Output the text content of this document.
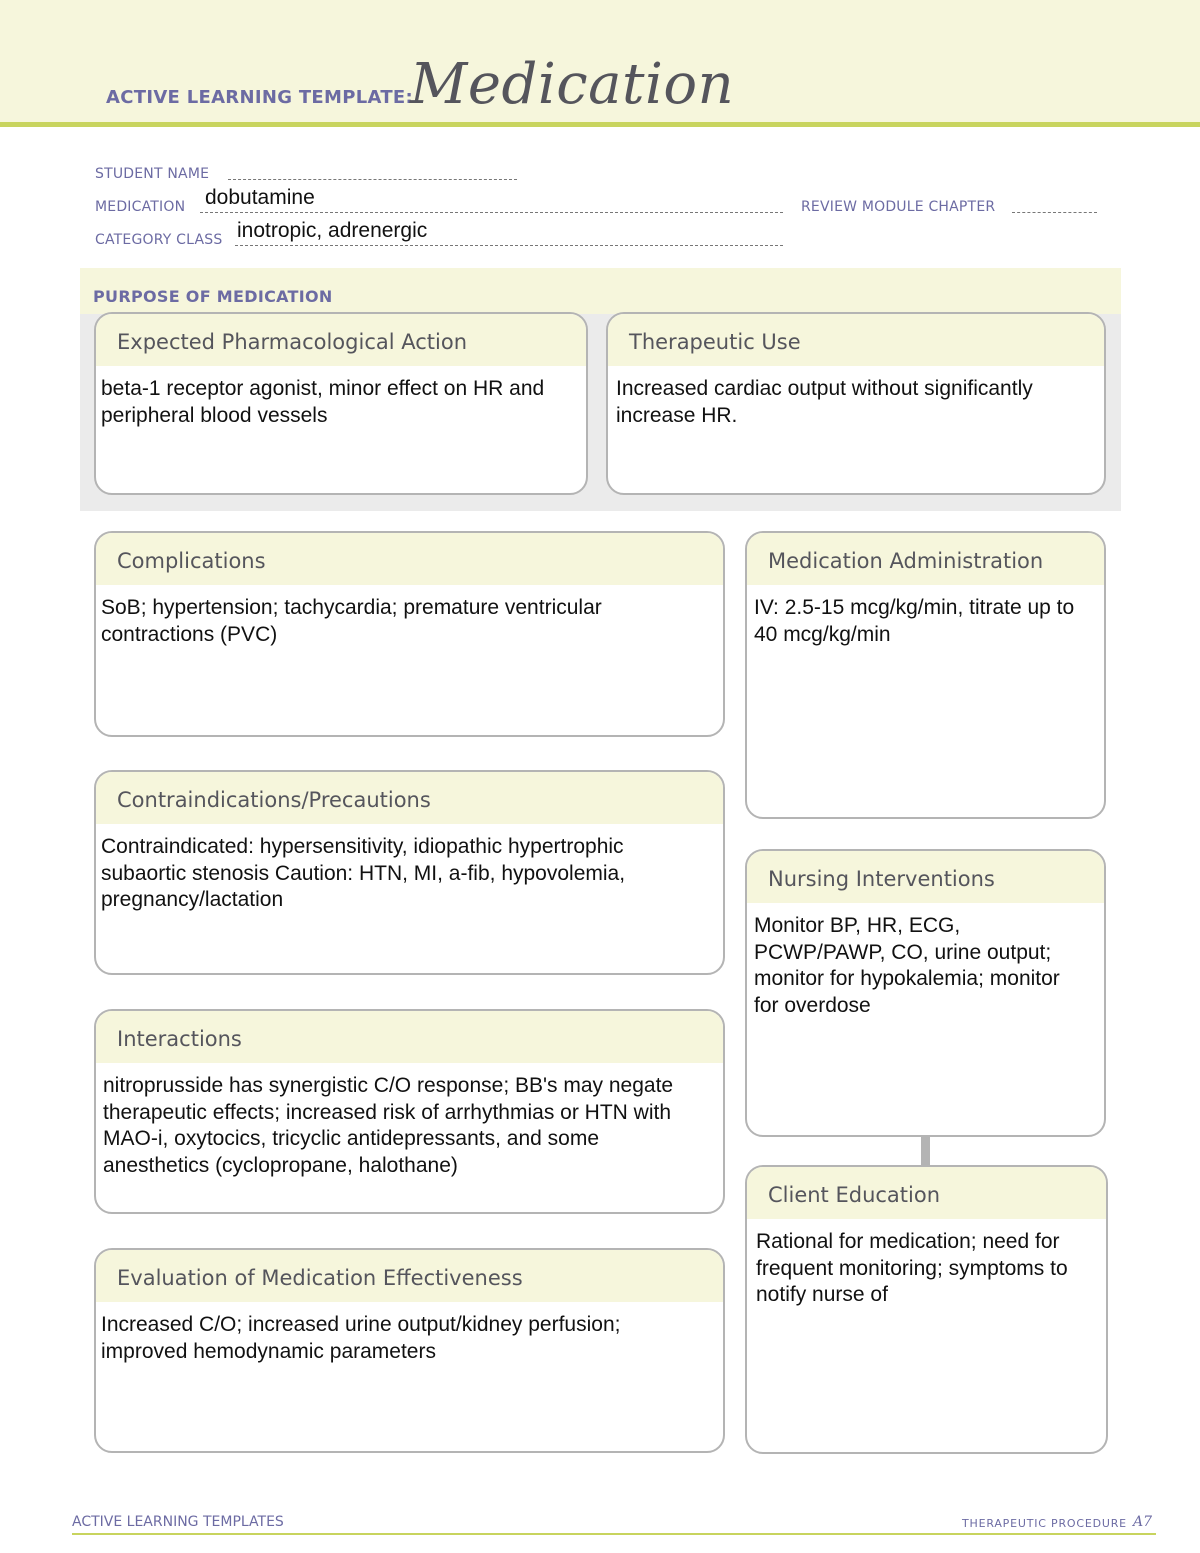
ACTIVE LEARNING TEMPLATE:
Medication
STUDENT NAME
MEDICATION dobutamine	REVIEW MODULE CHAPTER
CATEGORY CLASS inotropic, adrenergic
PURPOSE OF MEDICATION
Expected Pharmacological Action
beta-1 receptor agonist, minor effect on HR and peripheral blood vessels
Therapeutic Use
Increased cardiac output without significantly increase HR.
Complications
SoB; hypertension; tachycardia; premature ventricular contractions (PVC)
Contraindications/Precautions
Contraindicated: hypersensitivity, idiopathic hypertrophic subaortic stenosis Caution: HTN, MI, a-fib, hypovolemia, pregnancy/lactation
Interactions
nitroprusside has synergistic C/O response; BB's may negate therapeutic effects; increased risk of arrhythmias or HTN with MAO-i, oxytocics, tricyclic antidepressants, and some anesthetics (cyclopropane, halothane)
Evaluation of Medication Effectiveness
Increased C/O; increased urine output/kidney perfusion; improved hemodynamic parameters
Medication Administration
IV: 2.5-15 mcg/kg/min, titrate up to 40 mcg/kg/min
Nursing Interventions
Monitor BP, HR, ECG, PCWP/PAWP, CO, urine output; monitor for hypokalemia; monitor for overdose
Client Education
Rational for medication; need for frequent monitoring; symptoms to notify nurse of
ACTIVE LEARNING TEMPLATES	THERAPEUTIC PROCEDURE A7
